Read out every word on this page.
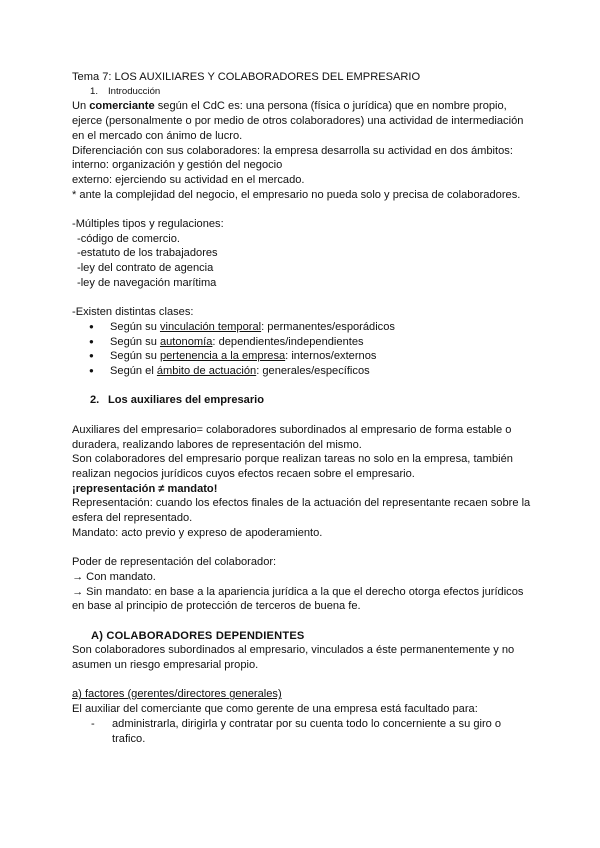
Tema 7: LOS AUXILIARES Y COLABORADORES DEL EMPRESARIO

1. Introducción

Un comerciante según el CdC es: una persona (física o jurídica) que en nombre propio, ejerce (personalmente o por medio de otros colaboradores) una actividad de intermediación en el mercado con ánimo de lucro.

Diferenciación con sus colaboradores: la empresa desarrolla su actividad en dos ámbitos:

interno: organización y gestión del negocio

externo: ejerciendo su actividad en el mercado.

* ante la complejidad del negocio, el empresario no pueda solo y precisa de colaboradores.

-Múltiples tipos y regulaciones:

-código de comercio.

-estatuto de los trabajadores

-ley del contrato de agencia

-ley de navegación marítima

-Existen distintas clases:

● Según su vinculación temporal: permanentes/esporádicos
● Según su autonomía: dependientes/independientes
● Según su pertenencia a la empresa: internos/externos
● Según el ámbito de actuación: generales/específicos

2. Los auxiliares del empresario

Auxiliares del empresario= colaboradores subordinados al empresario de forma estable o duradera, realizando labores de representación del mismo.

Son colaboradores del empresario porque realizan tareas no solo en la empresa, también realizan negocios jurídicos cuyos efectos recaen sobre el empresario.

¡representación ≠ mandato!

Representación: cuando los efectos finales de la actuación del representante recaen sobre la esfera del representado.

Mandato: acto previo y expreso de apoderamiento.

Poder de representación del colaborador:

→ Con mandato.

→ Sin mandato: en base a la apariencia jurídica a la que el derecho otorga efectos jurídicos en base al principio de protección de terceros de buena fe.

A) COLABORADORES DEPENDIENTES

Son colaboradores subordinados al empresario, vinculados a éste permanentemente y no asumen un riesgo empresarial propio.

a) factores (gerentes/directores generales)

El auxiliar del comerciante que como gerente de una empresa está facultado para:

- administrarla, dirigirla y contratar por su cuenta todo lo concerniente a su giro o trafico.
